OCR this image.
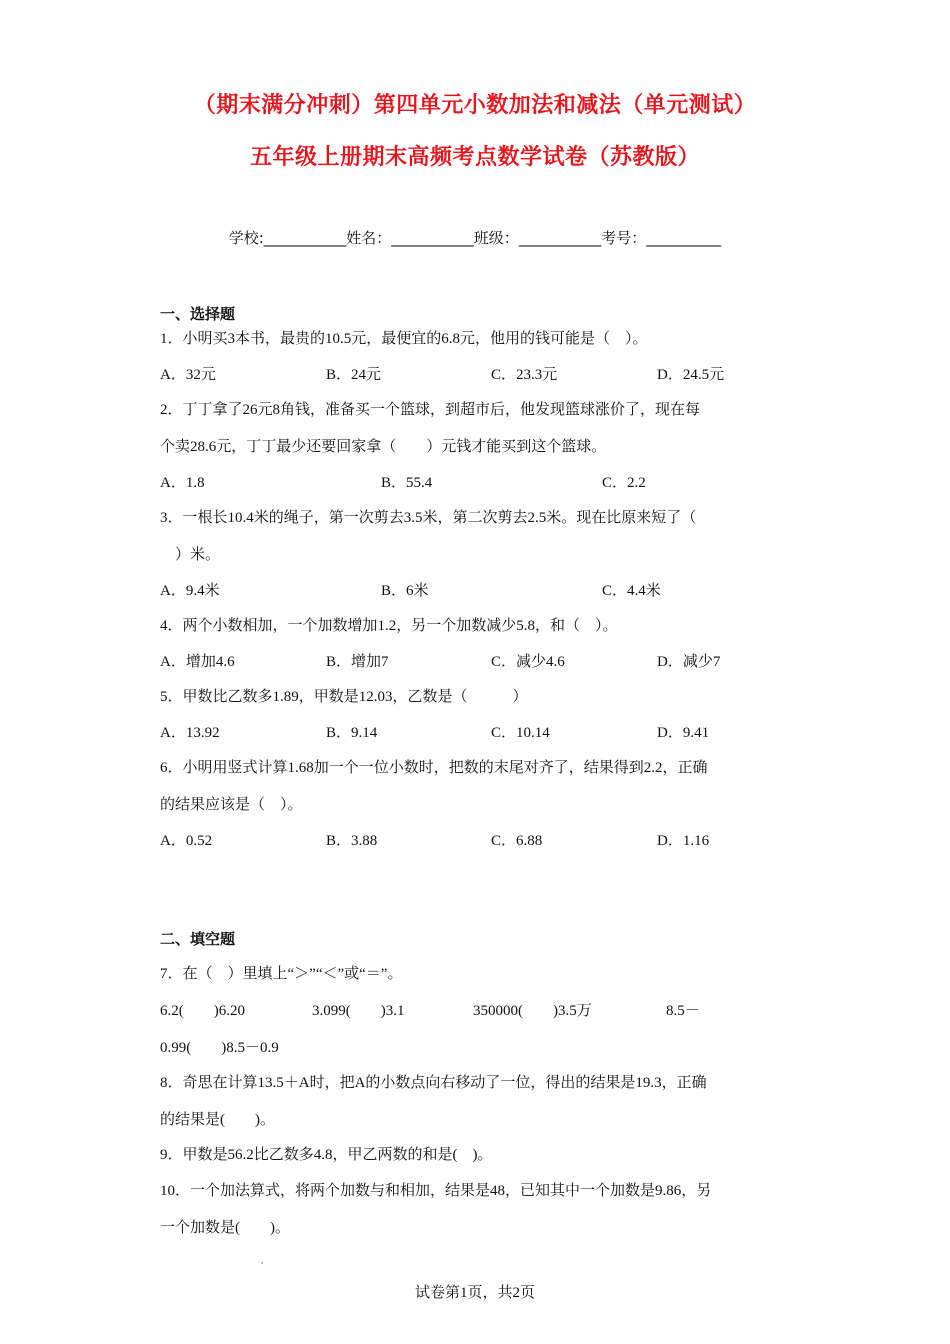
（期末满分冲刺）第四单元小数加法和减法（单元测试）
五年级上册期末高频考点数学试卷（苏教版）
学校:___________姓名：___________班级：___________考号：__________
一、选择题
1．小明买3本书，最贵的10.5元，最便宜的6.8元，他用的钱可能是（　）。
A．32元	B．24元	C．23.3元	D．24.5元
2．丁丁拿了26元8角钱，准备买一个篮球，到超市后，他发现篮球涨价了，现在每
个卖28.6元，丁丁最少还要回家拿（　　）元钱才能买到这个篮球。
A．1.8	B．55.4	C．2.2
3．一根长10.4米的绳子，第一次剪去3.5米，第二次剪去2.5米。现在比原来短了（
　）米。
A．9.4米	B．6米	C．4.4米
4．两个小数相加，一个加数增加1.2，另一个加数减少5.8，和（　）。
A．增加4.6	B．增加7	C．减少4.6	D．减少7
5．甲数比乙数多1.89，甲数是12.03，乙数是（　　　）
A．13.92	B．9.14	C．10.14	D．9.41
6．小明用竖式计算1.68加一个一位小数时，把数的末尾对齐了，结果得到2.2，正确
的结果应该是（　）。
A．0.52	B．3.88	C．6.88	D．1.16
二、填空题
7．在（　）里填上“＞”“＜”或“＝”。
6.2(　　)6.20	3.099(　　)3.1	350000(　　)3.5万	8.5－
0.99(　　)8.5－0.9
8．奇思在计算13.5＋A时，把A的小数点向右移动了一位，得出的结果是19.3，正确
的结果是(　　)。
9．甲数是56.2比乙数多4.8，甲乙两数的和是(　)。
10．一个加法算式，将两个加数与和相加，结果是48，已知其中一个加数是9.86，另
一个加数是(　　)。
试卷第1页，共2页
